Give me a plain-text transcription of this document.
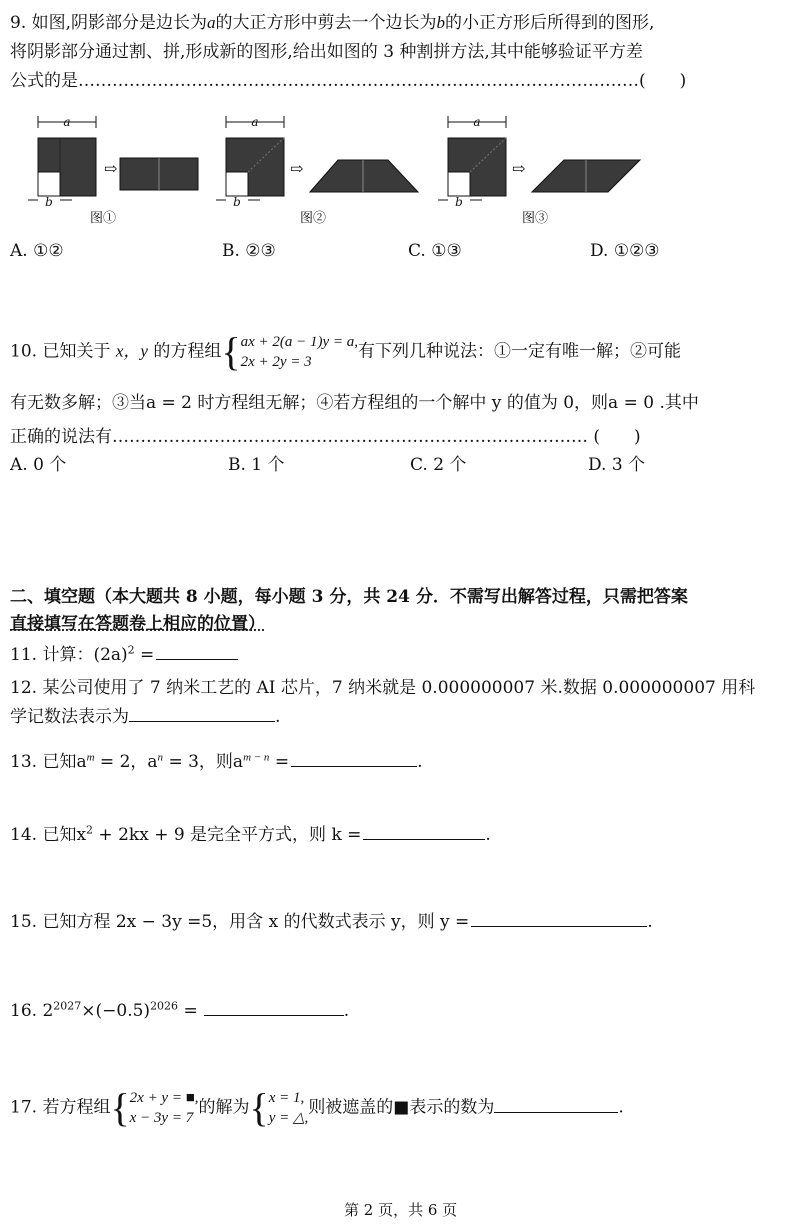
9. 如图,阴影部分是边长为a的大正方形中剪去一个边长为b的小正方形后所得到的图形,
将阴影部分通过割、拼,形成新的图形,给出如图的 3 种割拼方法,其中能够验证平方差
公式的是………………………………………………………………………………………(　　)
a
b
⇨
图①
a
b
⇨
图②
a
b
⇨
图③
A. ①②	B. ②③	C. ①③	D. ①②③
10. 已知关于 x，y 的方程组{ ax + 2(a − 1)y = a,
2x + 2y = 3
有下列几种说法：①一定有唯一解；②可能
有无数多解；③当a = 2 时方程组无解；④若方程组的一个解中 y 的值为 0，则a = 0 .其中
正确的说法有………………………………………………………………………… (　　)
A. 0 个	B. 1 个	C. 2 个	D. 3 个
二、填空题（本大题共 8 小题，每小题 3 分，共 24 分．不需写出解答过程，只需把答案
直接填写在答题卷上相应的位置）
11. 计算：$(2a)^2$ =
12. 某公司使用了 7 纳米工艺的 AI 芯片，7 纳米就是 0.000000007 米.数据 0.000000007 用科
学记数法表示为	.
13. 已知$a^m = 2$，$a^n = 3$，则$a^{m - n}$ =	.
14. 已知$x^2 + 2kx + 9$ 是完全平方式，则 k =	.
15. 已知方程 2x − 3y =5，用含 x 的代数式表示 y，则 y =	.
16. $2^{2027}\times(-0.5)^{2026}$ =	.
17. 若方程组{ 2x + y = ■,
x − 3y = 7
的解为{ x = 1,
y = △,
则被遮盖的■表示的数为	.
第 2 页，共 6 页
